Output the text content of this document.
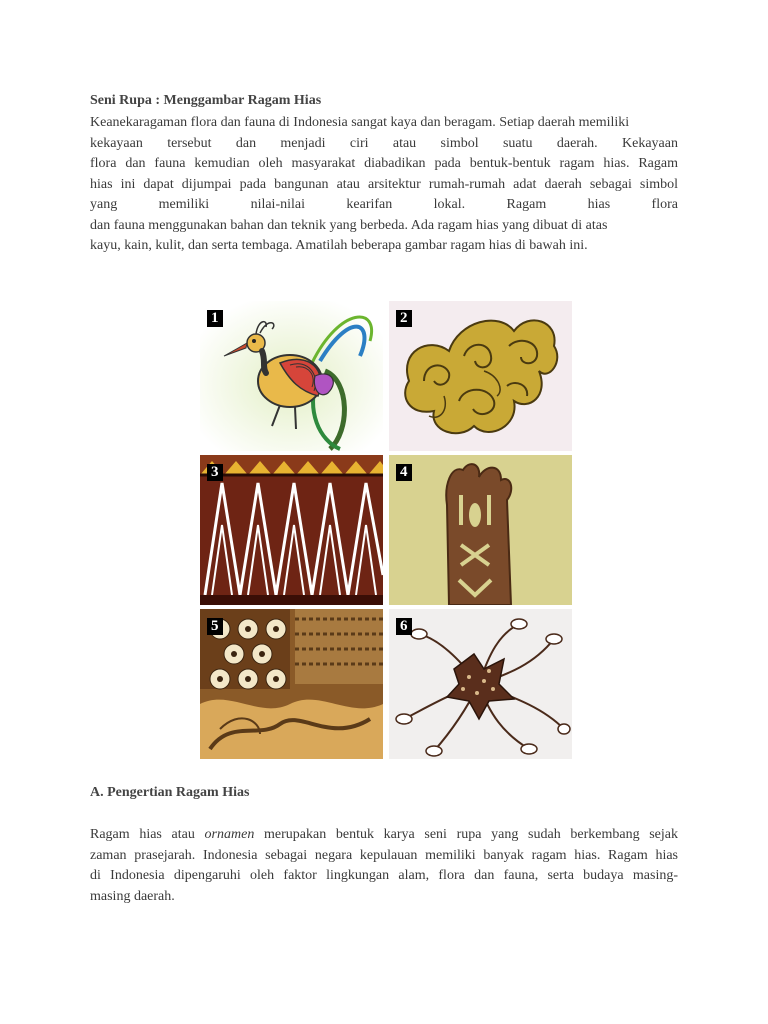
Seni Rupa : Menggambar Ragam Hias
Keanekaragaman flora dan fauna di Indonesia sangat kaya dan beragam. Setiap daerah memiliki
kekayaan tersebut dan menjadi ciri atau simbol suatu daerah. Kekayaan
flora dan fauna kemudian oleh masyarakat diabadikan pada bentuk-bentuk ragam hias. Ragam
hias ini dapat dijumpai pada bangunan atau arsitektur rumah-rumah adat daerah sebagai simbol
yang memiliki nilai-nilai kearifan lokal. Ragam hias flora
dan fauna menggunakan bahan dan teknik yang berbeda. Ada ragam hias yang dibuat di atas
kayu, kain, kulit, dan serta tembaga. Amatilah beberapa gambar ragam hias di bawah ini.
1	2
3	4
5	6
A. Pengertian Ragam Hias
Ragam hias atau ornamen merupakan bentuk karya seni rupa yang sudah berkembang sejak
zaman prasejarah. Indonesia sebagai negara kepulauan memiliki banyak ragam hias. Ragam hias
di Indonesia dipengaruhi oleh faktor lingkungan alam, flora dan fauna, serta budaya masing-
masing daerah.
